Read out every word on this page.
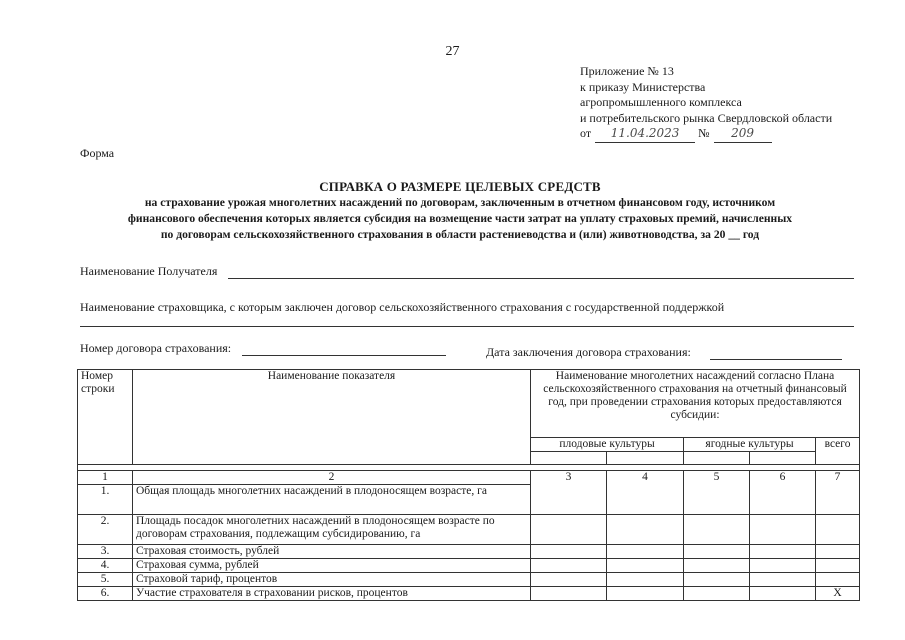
27
Приложение № 13
к приказу Министерства
агропромышленного комплекса
и потребительского рынка Свердловской области
от 11.04.2023 № 209
Форма
СПРАВКА О РАЗМЕРЕ ЦЕЛЕВЫХ СРЕДСТВ
на страхование урожая многолетних насаждений по договорам, заключенным в отчетном финансовом году, источником
финансового обеспечения которых является субсидия на возмещение части затрат на уплату страховых премий, начисленных
по договорам сельскохозяйственного страхования в области растениеводства и (или) животноводства, за 20 __ год
Наименование Получателя
Наименование страховщика, с которым заключен договор сельскохозяйственного страхования с государственной поддержкой
Номер договора страхования:	Дата заключения договора страхования:
Номер строки	Наименование показателя	Наименование многолетних насаждений согласно Плана сельскохозяйственного страхования на отчетный финансовый год, при проведении страхования которых предоставляются субсидии:				
		плодовые культуры		ягодные культуры		всего

1	2	3	4	5	6	7
1.	Общая площадь многолетних насаждений в плодоносящем возрасте, га					
2.	Площадь посадок многолетних насаждений в плодоносящем возрасте по договорам страхования, подлежащим субсидированию, га					
3.	Страховая стоимость, рублей					
4.	Страховая сумма, рублей					
5.	Страховой тариф, процентов					
6.	Участие страхователя в страховании рисков, процентов					X
